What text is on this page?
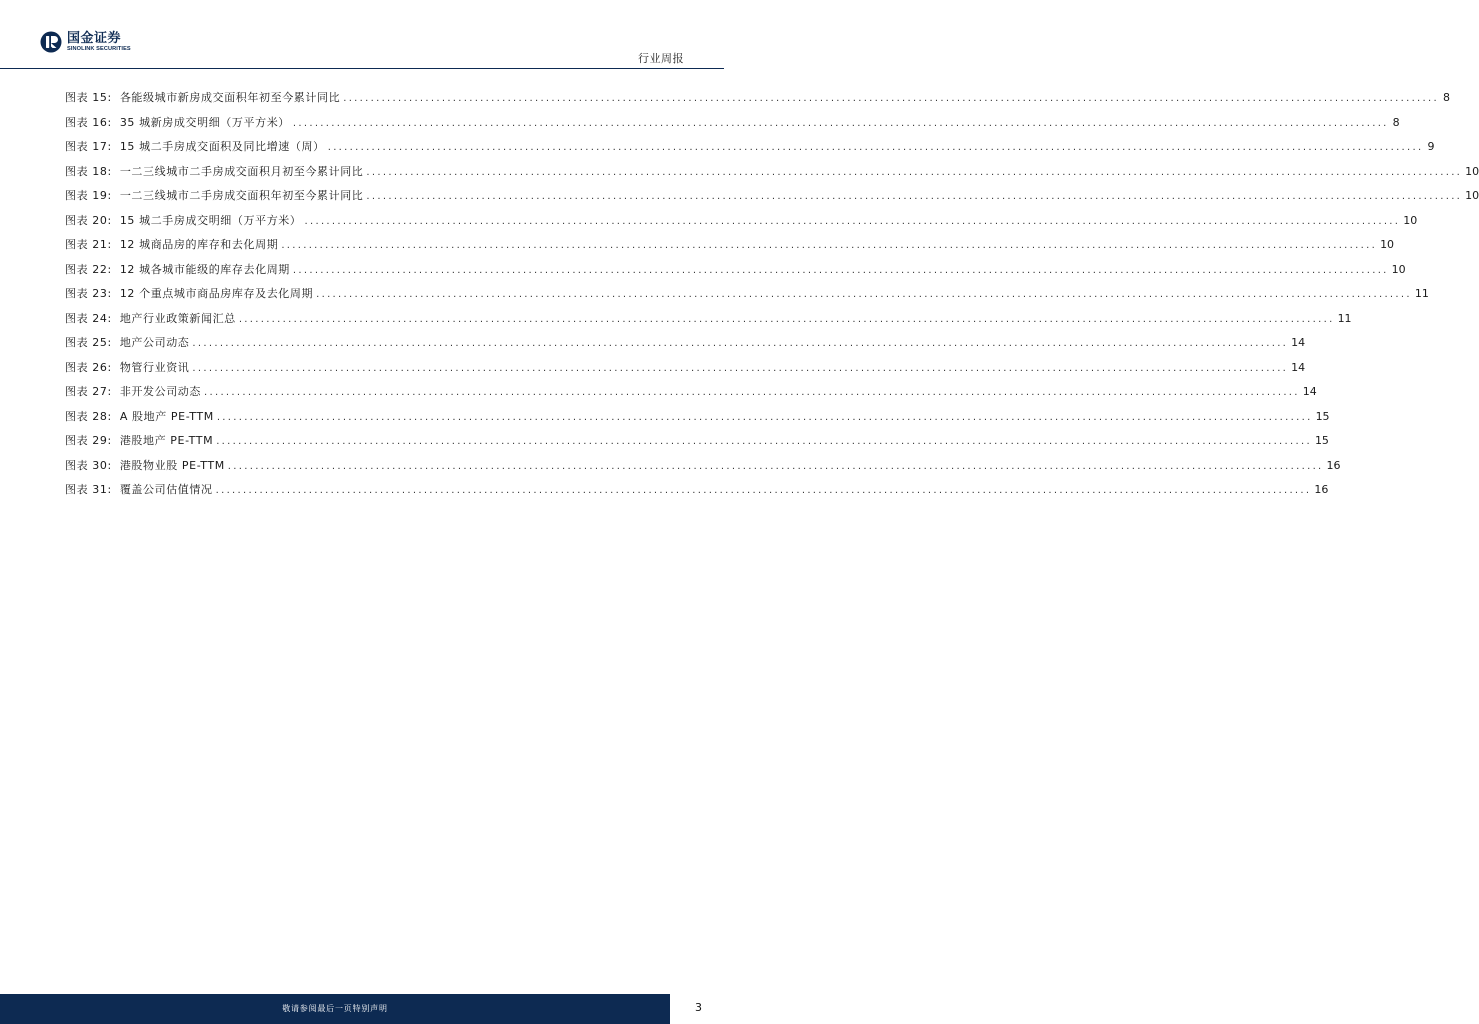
国金证券
SINOLINK SECURITIES
行业周报
图表 15: 各能级城市新房成交面积年初至今累计同比 ........................................................................................................................................................................................................ 8
图表 16: 35 城新房成交明细（万平方米） ........................................................................................................................................................................................................ 8
图表 17: 15 城二手房成交面积及同比增速（周） ........................................................................................................................................................................................................ 9
图表 18: 一二三线城市二手房成交面积月初至今累计同比 ........................................................................................................................................................................................................ 10
图表 19: 一二三线城市二手房成交面积年初至今累计同比 ........................................................................................................................................................................................................ 10
图表 20: 15 城二手房成交明细（万平方米） ........................................................................................................................................................................................................ 10
图表 21: 12 城商品房的库存和去化周期 ........................................................................................................................................................................................................ 10
图表 22: 12 城各城市能级的库存去化周期 ........................................................................................................................................................................................................ 10
图表 23: 12 个重点城市商品房库存及去化周期 ........................................................................................................................................................................................................ 11
图表 24: 地产行业政策新闻汇总 ........................................................................................................................................................................................................ 11
图表 25: 地产公司动态 ........................................................................................................................................................................................................ 14
图表 26: 物管行业资讯 ........................................................................................................................................................................................................ 14
图表 27: 非开发公司动态 ........................................................................................................................................................................................................ 14
图表 28: A 股地产 PE-TTM ........................................................................................................................................................................................................ 15
图表 29: 港股地产 PE-TTM ........................................................................................................................................................................................................ 15
图表 30: 港股物业股 PE-TTM ........................................................................................................................................................................................................ 16
图表 31: 覆盖公司估值情况 ........................................................................................................................................................................................................ 16
敬请参阅最后一页特别声明	3
